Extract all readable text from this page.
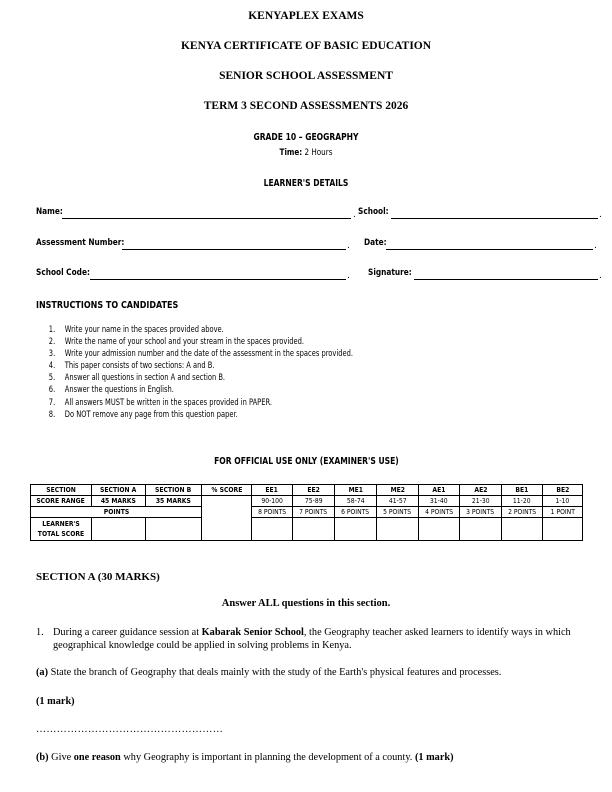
KENYAPLEX EXAMS
KENYA CERTIFICATE OF BASIC EDUCATION
SENIOR SCHOOL ASSESSMENT
TERM 3 SECOND ASSESSMENTS 2026
GRADE 10 – GEOGRAPHY
Time: 2 Hours
LEARNER'S DETAILS
Name:	. School:	.
Assessment Number:	. Date:	.
School Code:	. Signature:	.
INSTRUCTIONS TO CANDIDATES
1. Write your name in the spaces provided above.
2. Write the name of your school and your stream in the spaces provided.
3. Write your admission number and the date of the assessment in the spaces provided.
4. This paper consists of two sections: A and B.
5. Answer all questions in section A and section B.
6. Answer the questions in English.
7. All answers MUST be written in the spaces provided in PAPER.
8. Do NOT remove any page from this question paper.
FOR OFFICIAL USE ONLY (EXAMINER'S USE)
SECTION	SECTION A	SECTION B	% SCORE	EE1	EE2	ME1	ME2	AE1	AE2	BE1	BE2
SCORE RANGE	45 MARKS	35 MARKS		90-100	75-89	58-74	41-57	31-40	21-30	11-20	1-10
POINTS				8 POINTS	7 POINTS	6 POINTS	5 POINTS	4 POINTS	3 POINTS	2 POINTS	1 POINT
LEARNER'S TOTAL SCORE											
SECTION A (30 MARKS)
Answer ALL questions in this section.
1. During a career guidance session at Kabarak Senior School, the Geography teacher asked learners to identify ways in which geographical knowledge could be applied in solving problems in Kenya.
(a) State the branch of Geography that deals mainly with the study of the Earth's physical features and processes.
(1 mark)
………………………………………………
(b) Give one reason why Geography is important in planning the development of a county. (1 mark)
